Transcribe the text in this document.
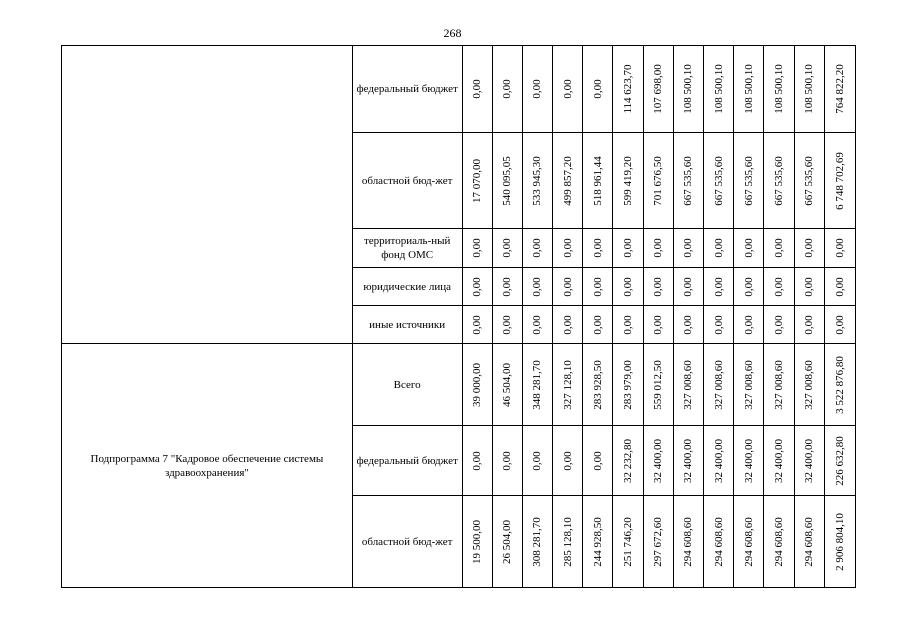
268
	федеральный бюджет	0,00	0,00	0,00	0,00	0,00	114 623,70	107 698,00	108 500,10	108 500,10	108 500,10	108 500,10	108 500,10	764 822,20

	областной бюд-жет	17 070,00	540 095,05	533 945,30	499 857,20	518 961,44	599 419,20	701 676,50	667 535,60	667 535,60	667 535,60	667 535,60	667 535,60	6 748 702,69

	территориаль-ный фонд ОМС	0,00	0,00	0,00	0,00	0,00	0,00	0,00	0,00	0,00	0,00	0,00	0,00	0,00

	юридические лица	0,00	0,00	0,00	0,00	0,00	0,00	0,00	0,00	0,00	0,00	0,00	0,00	0,00

	иные источники	0,00	0,00	0,00	0,00	0,00	0,00	0,00	0,00	0,00	0,00	0,00	0,00	0,00

Подпрограмма 7 "Кадровое обеспечение системы здравоохранения"	Всего	39 000,00	46 504,00	348 281,70	327 128,10	283 928,50	283 979,00	559 012,50	327 008,60	327 008,60	327 008,60	327 008,60	327 008,60	3 522 876,80

	федеральный бюджет	0,00	0,00	0,00	0,00	0,00	32 232,80	32 400,00	32 400,00	32 400,00	32 400,00	32 400,00	32 400,00	226 632,80

	областной бюд-жет	19 500,00	26 504,00	308 281,70	285 128,10	244 928,50	251 746,20	297 672,60	294 608,60	294 608,60	294 608,60	294 608,60	294 608,60	2 906 804,10
